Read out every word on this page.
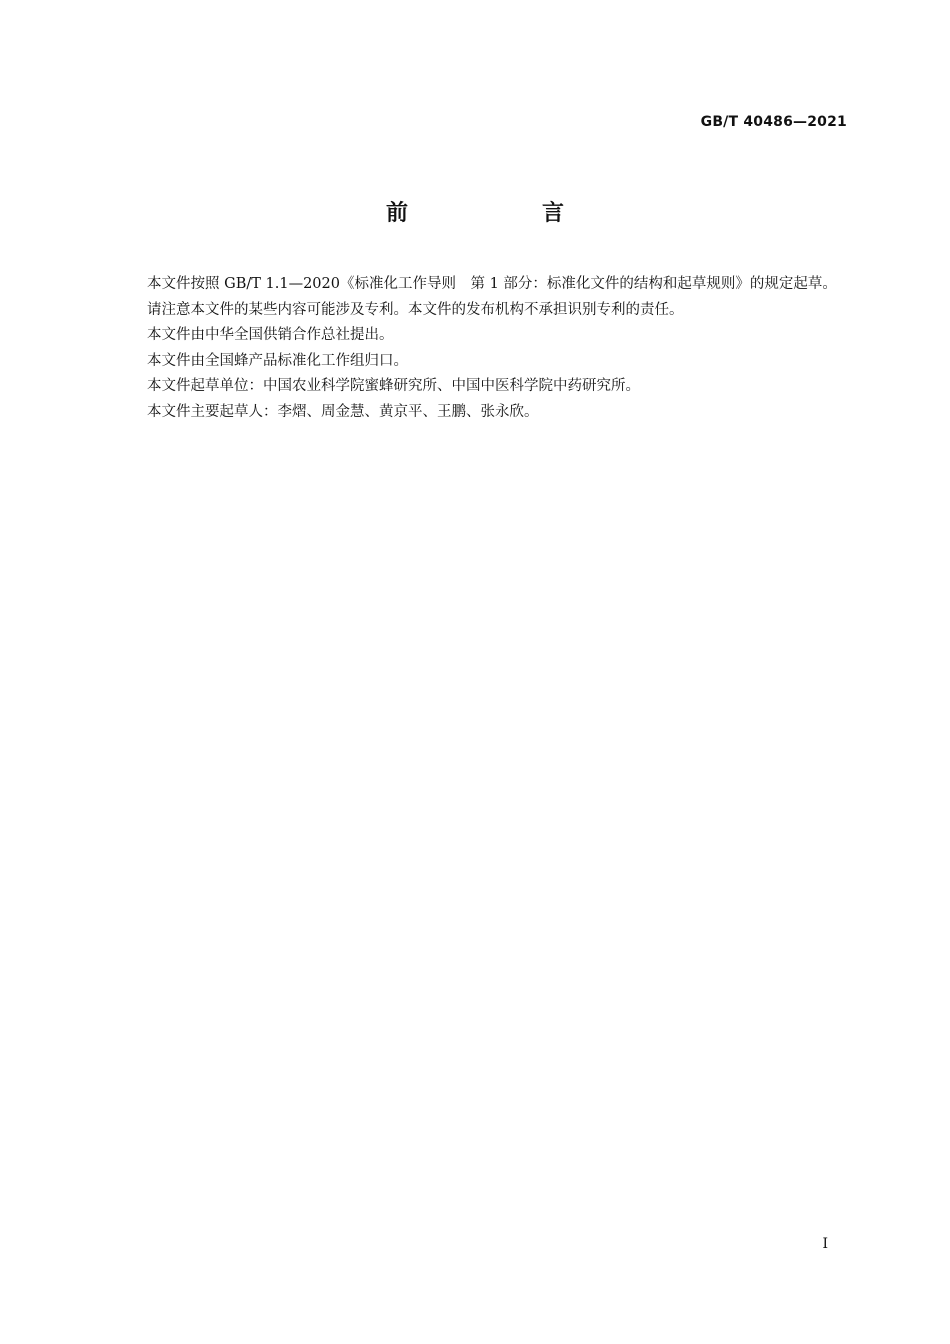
GB/T 40486—2021
前　言

本文件按照 GB/T 1.1—2020《标准化工作导则　第 1 部分：标准化文件的结构和起草规则》的规定起草。

请注意本文件的某些内容可能涉及专利。本文件的发布机构不承担识别专利的责任。

本文件由中华全国供销合作总社提出。

本文件由全国蜂产品标准化工作组归口。

本文件起草单位：中国农业科学院蜜蜂研究所、中国中医科学院中药研究所。

本文件主要起草人：李熠、周金慧、黄京平、王鹏、张永欣。

I
